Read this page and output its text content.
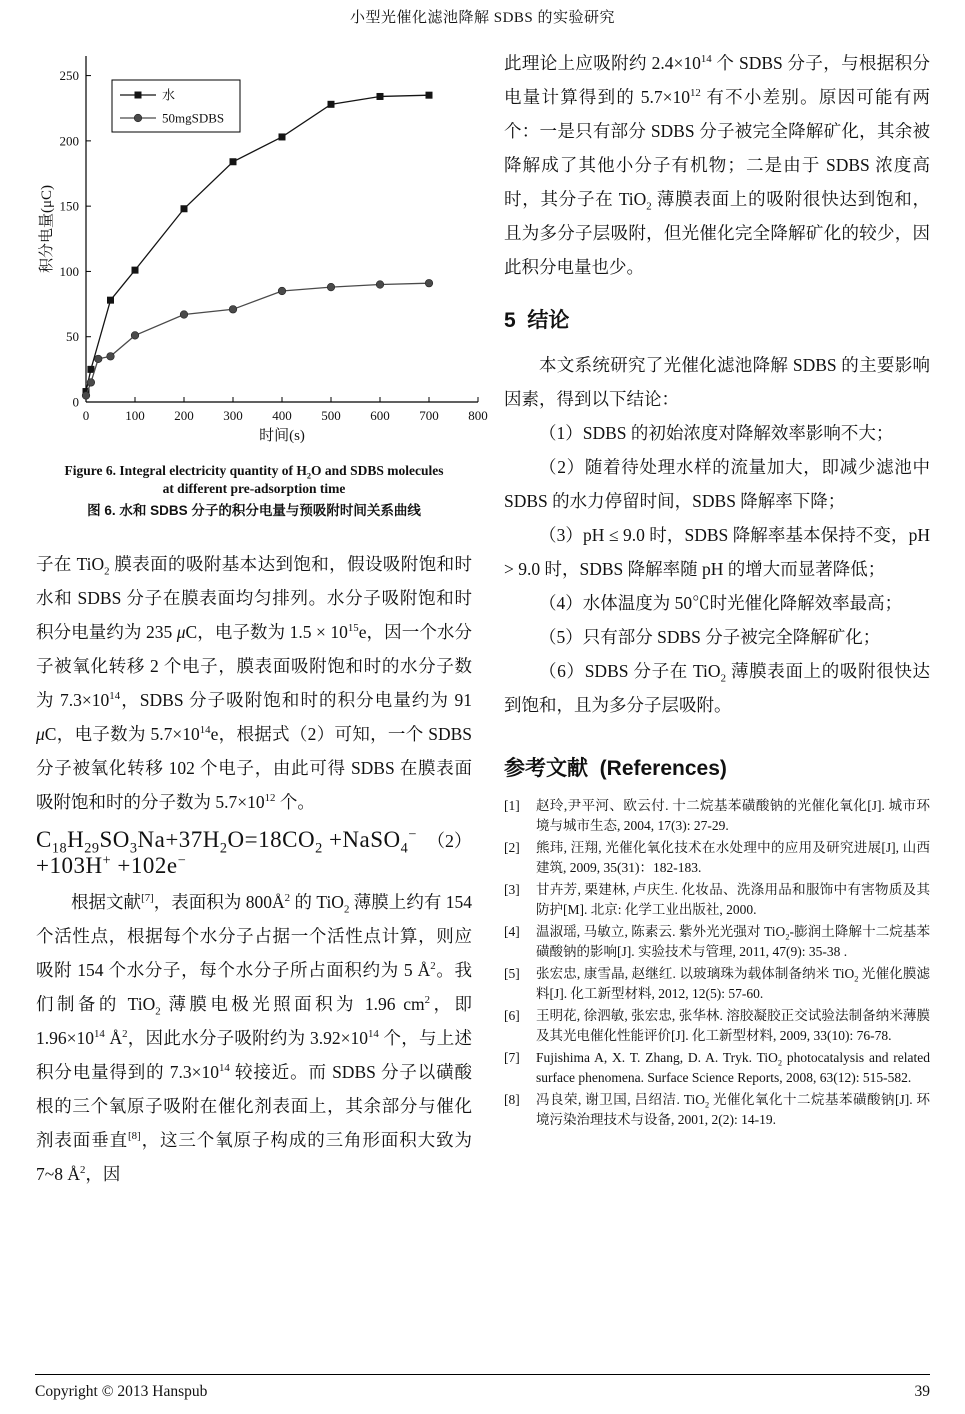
小型光催化滤池降解 SDBS 的实验研究
0	100 200 300 400 500 600 700 800
0
50
100
150
200
250
时间(s)
积分电量(μC)
水
50mgSDBS
Figure 6. Integral electricity quantity of $H_2O$ and SDBS molecules
at different pre-adsorption time
图 6. 水和 SDBS 分子的积分电量与预吸附时间关系曲线

子在 TiO$_2$ 膜表面的吸附基本达到饱和，假设吸附饱和时水和 SDBS 分子在膜表面均匀排列。水分子吸附饱和时积分电量约为 235 μC，电子数为 $1.5 \times 10^{15}e$，因一个水分子被氧化转移 2 个电子，膜表面吸附饱和时的水分子数为 $7.3\times 10^{14}$，SDBS 分子吸附饱和时的积分电量约为 91 μC，电子数为 $5.7\times 10^{14}e$，根据式（2）可知，一个 SDBS 分子被氧化转移 102 个电子，由此可得 SDBS 在膜表面吸附饱和时的分子数为 $5.7\times 10^{12}$ 个。

$C_{18}H_{29}SO_3Na+37H_2O=18CO_2$ +NaSO$_4$− +103H+ +102e−
（2）

根据文献[7]，表面积为 $800Å^2$ 的 TiO$_2$ 薄膜上约有 154 个活性点，根据每个水分子占据一个活性点计算，则应吸附 154 个水分子，每个水分子所占面积约为 5 $Å^2$。我们制备的 TiO$_2$ 薄膜电极光照面积为 1.96 $cm^2$，即 $1.96\times 10^{14}$ $Å^2$，因此水分子吸附约为 $3.92\times 10^{14}$ 个，与上述积分电量得到的 $7.3\times 10^{14}$ 较接近。而 SDBS 分子以磺酸根的三个氧原子吸附在催化剂表面上，其余部分与催化剂表面垂直[8]，这三个氧原子构成的三角形面积大致为 7~8 $Å^2$，因

此理论上应吸附约 $2.4\times 10^{14}$ 个 SDBS 分子，与根据积分电量计算得到的 $5.7\times 10^{12}$ 有不小差别。原因可能有两个：一是只有部分 SDBS 分子被完全降解矿化，其余被降解成了其他小分子有机物；二是由于 SDBS 浓度高时，其分子在 TiO$_2$ 薄膜表面上的吸附很快达到饱和，且为多分子层吸附，但光催化完全降解矿化的较少，因此积分电量也少。

5  结论

本文系统研究了光催化滤池降解 SDBS 的主要影响因素，得到以下结论：

（1）SDBS 的初始浓度对降解效率影响不大；

（2）随着待处理水样的流量加大，即减少滤池中 SDBS 的水力停留时间，SDBS 降解率下降；

（3）pH ≤ 9.0 时，SDBS 降解率基本保持不变，pH > 9.0 时，SDBS 降解率随 pH 的增大而显著降低；

（4）水体温度为 50℃时光催化降解效率最高；

（5）只有部分 SDBS 分子被完全降解矿化；

（6）SDBS 分子在 TiO$_2$ 薄膜表面上的吸附很快达到饱和，且为多分子层吸附。

参考文献  (References)
[1]	赵玲,尹平河、欧云付. 十二烷基苯磺酸钠的光催化氧化[J]. 城市环境与城市生态, 2004, 17(3): 27-29.
[2]	熊玮, 汪翔, 光催化氧化技术在水处理中的应用及研究进展[J], 山西建筑, 2009, 35(31)：182-183.
[3]	甘卉芳, 栗建林, 卢庆生. 化妆品、洗涤用品和服饰中有害物质及其防护[M]. 北京: 化学工业出版社, 2000.
[4]	温淑瑶, 马敏立, 陈素云. 紫外光光强对 TiO$_2$-膨润土降解十二烷基苯磺酸钠的影响[J]. 实验技术与管理, 2011, 47(9): 35-38 .
[5]	张宏忠, 康雪晶, 赵继红. 以玻璃珠为载体制备纳米 TiO$_2$ 光催化膜滤料[J]. 化工新型材料, 2012, 12(5): 57-60.
[6]	王明花, 徐泗敏, 张宏忠, 张华林. 溶胶凝胶正交试验法制备纳米薄膜及其光电催化性能评价[J]. 化工新型材料, 2009, 33(10): 76-78.
[7]	Fujishima A, X. T. Zhang, D. A. Tryk. TiO$_2$ photocatalysis and related surface phenomena. Surface Science Reports, 2008, 63(12): 515-582.
[8]	冯良荣, 谢卫国, 吕绍洁. TiO$_2$ 光催化氧化十二烷基苯磺酸钠[J]. 环境污染治理技术与设备, 2001, 2(2): 14-19.
Copyright © 2013 Hanspub	39
